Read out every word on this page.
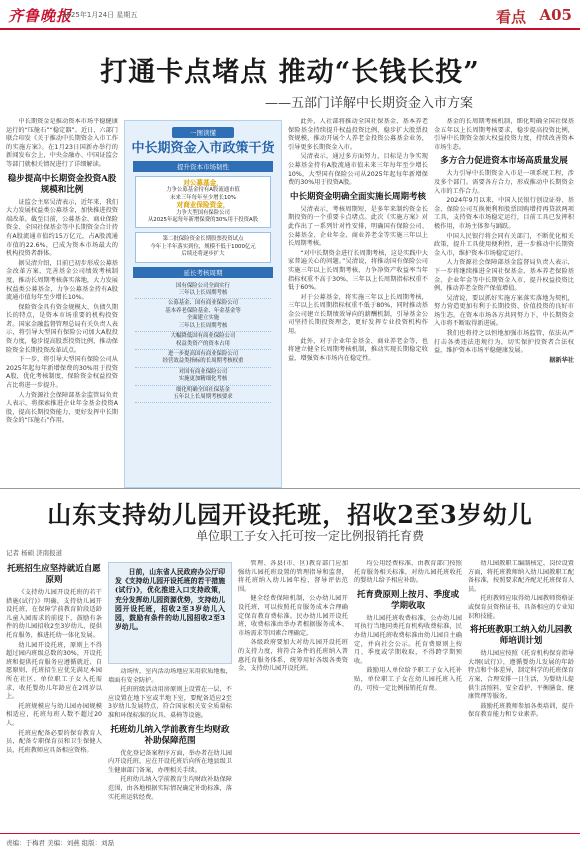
齐鲁晚报
2025年1月24日 星期五	看点 A05
打通卡点堵点 推动“长钱长投”
——五部门详解中长期资金入市方案

中长期资金是推动资本市场平稳健康运行的“压舱石”“稳定器”。近日，六部门联合印发《关于推动中长期资金入市工作的实施方案》。在1月23日国新办举行的新闻发布会上，中央金融办、中国证监会等部门就相关情况进行了详细解读。

稳步提高中长期资金投资A股规模和比例

证监会主席吴清表示，近年来，我们大力发展权益类公募基金，加快推进投资端改革。截至目前，公募基金、商业保险资金、全国社保基金等中长期资金合计持有A股流通市值约15万亿元，占A股流通市值的22.6%，已成为资本市场最大的机构投资者群体。

据吴清介绍，目前已初步形成公募基金改革方案，完善基金公司绩效考核制度，推动长周期考核落实落地，大力发展权益类公募基金，力争公募基金持有A股流通市值每年至少增长10%。

保险资金具有资金规模大、负债久期长的特点，是资本市场重要的机构投资者。国家金融监督管理总局有关负责人表示，将引导大型国有保险公司加大A股投资力度，稳步提高股票投资比例，推动保险资金长期投资改革试点。

下一步，将引导大型国有保险公司从2025年起每年新增保费的30%用于投资A股，优化考核制度，保险资金权益投资占比将进一步提升。

人力资源社会保障部基金监管局负责人表示，将探索推进企业年金基金投资A股，提高长期投资能力，更好发挥中长期资金的“压舱石”作用。

一图读懂
中长期资金入市政策干货
提升资本市场韧性
对公募基金，
力争公募基金持有A股流通市值
未来三年每年至少增长10%
对商业保险资金，
力争大型国有保险公司
从2025年起每年新增保费的30%用于投资A股
第二批保险资金长期股票投资试点
今年上半年落实到位，规模不低于1000亿元
后续还将逐步扩大
延长考核周期
国有保险公司全面实行
三年以上长周期考核
公募基金、国有商业保险公司
基本养老保险基金、年金基金等
全面建立实施
三年以上长周期考核
大幅降低国有商业保险公司
权益类资产的资本占用
进一步提高国有商业保险公司
经营效益类指标的长周期考核权重
对国有商业保险公司
实施更加精细化考核
细化明确全国社保基金
五年以上长周期考核要求

此外，人社部将推动全国社保基金、基本养老保险基金持续提升权益投资比例，稳步扩大股票投资规模，推动开展个人养老金投资公募基金业务，引导更多长期资金入市。

吴清表示，通过多方面努力，目标是力争实现公募基金持有A股流通市值未来三年每年至少增长10%，大型国有保险公司从2025年起每年新增保费的30%用于投资A股。

中长期资金明确全面实施长周期考核

吴清表示，考核周期短，是多年来制约资金长期投资的一个重要卡点堵点。此次《实施方案》对此作出了一系列针对性安排，明确国有保险公司、公募基金、企业年金、商业养老金等实施三年以上长周期考核。

“对中长期资金进行长周期考核，这是实践中大家普遍关心的问题。”吴清说，将推动国有保险公司实施三年以上长周期考核，力争净资产收益率当年指标权重不高于30%，三年以上长周期指标权重不低于60%。

对于公募基金，将实施三年以上长周期考核，三年以上长周期指标权重不低于80%，同时推动基金公司建立长期绩效导向的薪酬机制，引导基金公司坚持长期投资理念，更好发挥专业投资机构作用。

此外，对于企业年金基金、商业养老金等，也将建立健全长周期考核机制，推动实现长期稳定收益，增强资本市场内在稳定性。

基金的长周期考核机制，细化明确全国社保基金五年以上长周期考核要求，稳步提高投资比例，引导中长期资金加大权益投资力度，持续改善资本市场生态。

多方合力促进资本市场高质量发展

大力引导中长期资金入市是一项系统工程，涉及多个部门。需要各方合力，形成推动中长期资金入市的工作合力。

2024年9月以来，中国人民银行创设证券、基金、保险公司互换便利和股票回购增持再贷款两项工具，支持资本市场稳定运行，目前工具已发挥积极作用，市场主体参与踊跃。

中国人民银行将会同有关部门，不断优化相关政策，提升工具使用便利性，进一步推动中长期资金入市，维护资本市场稳定运行。

人力资源社会保障部基金监督局负责人表示，下一步将继续推进全国社保基金、基本养老保险基金、企业年金等中长期资金入市，提升权益投资比例，推动养老金资产保值增值。

吴清说，要以抓好实施方案落实落地为契机，努力营造更加有利于长期投资、价值投资的良好市场生态。在资本市场各方共同努力下，中长期资金入市将不断取得新进展。

我们也将持之以恒地加强市场监管，依法从严打击各类违法违规行为，切实保护投资者合法权益，维护资本市场平稳健康发展。

据新华社

山东支持幼儿园开设托班，招收2至3岁幼儿
单位职工子女入托可按一定比例报销托育费
记者 杨硕 济南报道
托班招生应坚持就近自愿原则

《支持幼儿园开设托班的若干措施(试行)》明确，支持幼儿园开设托班，在保障学前教育阶段适龄儿童入园需求的前提下，鼓励有条件的幼儿园招收2至3岁幼儿，提供托育服务，推进托幼一体化发展。

幼儿园开设托班，原则上不得超过园内班级总数的30%，开设托班和提供托育服务应遵循就近、自愿原则，托班招生应优先满足本园所在社区、单位职工子女入托需求，收托婴幼儿年龄应在2周岁以上。

托班规模应与幼儿园办园规模相适应，托班每班人数不超过20人。

托班应配备必要的保育教育人员，配备专职保育员和卫生保健人员，托班教师应具备相应资格。

日前，山东省人民政府办公厅印发《支持幼儿园开设托班的若干措施(试行)》，优化推进入口支持政策，充分发挥幼儿园资源优势，支持幼儿园开设托班，招收2至3岁幼儿入园，鼓励有条件的幼儿园招收2至3岁幼儿。

动场所，室内活动场地应采用软质地板，墙面有安全防护。

托班班级活动用房原则上设置在一层，不应设置在地下室或半地下室，要配备适应2至3岁幼儿发展特点，符合国家相关安全质量标准和环保标准的玩具、桌椅等设施。

托班幼儿纳入学前教育生均财政补助保障范围

优化登记备案程序方面，举办者在幼儿园内开设托班，应在开设托班后向所在地县级卫生健康部门备案，办理相关手续。

托班幼儿纳入学前教育生均财政补助保障范围，由各地根据实际情况确定补助标准，落实托班运转经费。

管理、各县(市、区)教育部门应加强幼儿园托班设置的管理指导和监督，将托班纳入幼儿园年检、督导评估范围。

健全经费保障机制，公办幼儿园开设托班，可以按照托育服务成本合理确定保育教育费标准。民办幼儿园开设托班，收费标准由举办者根据服务成本、市场需求等因素合理确定。

各级政府要加大对幼儿园开设托班的支持力度，将符合条件的托班纳入普惠托育服务体系，统筹用好各级各类资金，支持幼儿园开设托班。

均公用经费标准，由教育部门按照托育服务相关标准，对幼儿园托班收托的婴幼儿给予相应补助。

托育费原则上按月、季度或学期收取

幼儿园托班收费标准，公办幼儿园可执行当地同类托育机构收费标准，民办幼儿园托班收费标准由幼儿园自主确定，并向社会公示。托育费原则上按月、季度或学期收取，不得跨学期预收。

鼓励用人单位给予职工子女入托补贴，单位职工子女在幼儿园托班入托的，可按一定比例报销托育费。

幼儿园教职工编制核定、岗位设置方面，将托班教师纳入幼儿园教职工配备标准，按照要求配齐配足托班保育人员。

托班教师应取得幼儿园教师资格证或保育员资格证书，具备相应的专业知识和技能。

将托班教职工纳入幼儿园教师培训计划

幼儿园应按照《托育机构保育指导大纲(试行)》，遵循婴幼儿发展的年龄特点和个体差异，制定科学的托班保育方案，合理安排一日生活，为婴幼儿提供生活照料、安全看护、平衡膳食、健康管理等服务。

鼓励托班教师参加各类培训，提升保育教育能力和专业素养。

责编：于梅君 美编：刘燕 组版：刘磊
